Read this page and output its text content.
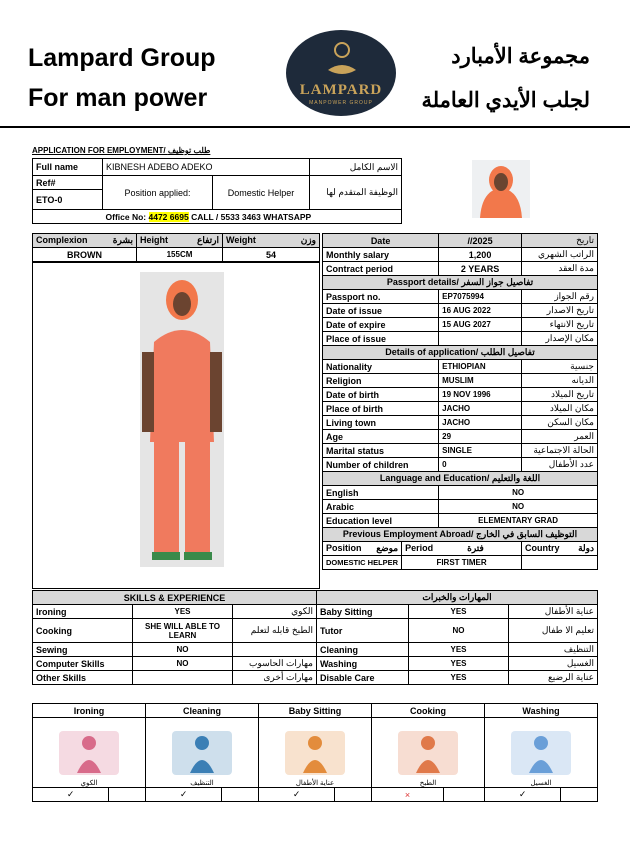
Lampard Group
For man power
مجموعة الأمبارد
لجلب الأيدي العاملة
LAMPARD
MANPOWER GROUP
APPLICATION FOR EMPLOYMENT/ طلب توظيف
Full name	KIBNESH ADEBO ADEKO		الاسم الكامل
Ref#	Position applied:	Domestic Helper	الوظيفة المتقدم لها
ETO-0			
	Office No: 4472 6695 CALL / 5533 3463 WHATSAPP		
Complexion بشرة	Height ارتفاع	Weight وزن

BROWN	155CM	54
Date		//2025	تاريخ
Monthly salary		1,200	الراتب الشهري
Contract period		2 YEARS	مدة العقد
Passport details/ تفاصيل جواز السفر			
Passport no.		EP7075994	رقم الجواز
Date of issue		16 AUG 2022	تاريخ الاصدار
Date of expire		15 AUG 2027	تاريخ الانتهاء
Place of issue			مكان الإصدار
Details of application/ تفاصيل الطلب			
Nationality		ETHIOPIAN	جنسية
Religion		MUSLIM	الديانه
Date of birth		19 NOV 1996	تاريخ الميلاد
Place of birth		JACHO	مكان الميلاد
Living town		JACHO	مكان السكن
Age		29	العمر
Marital status		SINGLE	الحالة الاجتماعية
Number of children		0	عدد الأطفال
Language and Education/ اللغة والتعليم			
English		NO	
Arabic		NO	
Education level		ELEMENTARY GRAD	
Previous Employment Abroad/ التوظيف السابق في الخارج			
Position موضع	Period فترة		Country دولة

DOMESTIC HELPER	FIRST TIMER		
SKILLS & EXPERIENCE			المهارات والخبرات		
Ironing	YES	الكوي	Baby Sitting	YES	عناية الأطفال
Cooking	SHE WILL ABLE TO LEARN	الطبخ قابله لتعلم	Tutor	NO	تعليم الا طفال
Sewing	NO		Cleaning	YES	التنظيف
Computer Skills	NO	مهارات الحاسوب	Washing	YES	الغسيل
Other Skills		مهارات أخرى	Disable Care	YES	عناية الرضيع
Ironing		Cleaning		Baby Sitting		Cooking		Washing	

الكوي		التنظيف		عناية الأطفال		الطبخ		الغسيل	

✓		✓		✓		×		✓	
